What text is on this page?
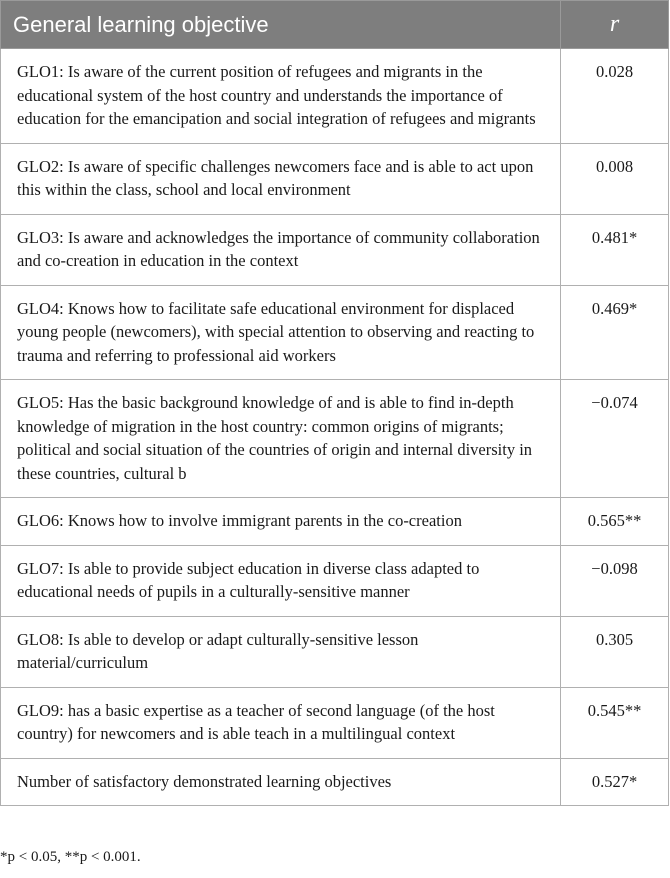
General learning objective	r
GLO1: Is aware of the current position of refugees and migrants in the educational system of the host country and understands the importance of education for the emancipation and social integration of refugees and migrants	0.028
GLO2: Is aware of specific challenges newcomers face and is able to act upon this within the class, school and local environment	0.008
GLO3: Is aware and acknowledges the importance of community collaboration and co-creation in education in the context	0.481*
GLO4: Knows how to facilitate safe educational environment for displaced young people (newcomers), with special attention to observing and reacting to trauma and referring to professional aid workers	0.469*
GLO5: Has the basic background knowledge of and is able to find in-depth knowledge of migration in the host country: common origins of migrants; political and social situation of the countries of origin and internal diversity in these countries, cultural b	−0.074
GLO6: Knows how to involve immigrant parents in the co-creation	0.565**
GLO7: Is able to provide subject education in diverse class adapted to educational needs of pupils in a culturally-sensitive manner	−0.098
GLO8: Is able to develop or adapt culturally-sensitive lesson material/curriculum	0.305
GLO9: has a basic expertise as a teacher of second language (of the host country) for newcomers and is able teach in a multilingual context	0.545**
Number of satisfactory demonstrated learning objectives	0.527*
*p < 0.05, **p < 0.001.
